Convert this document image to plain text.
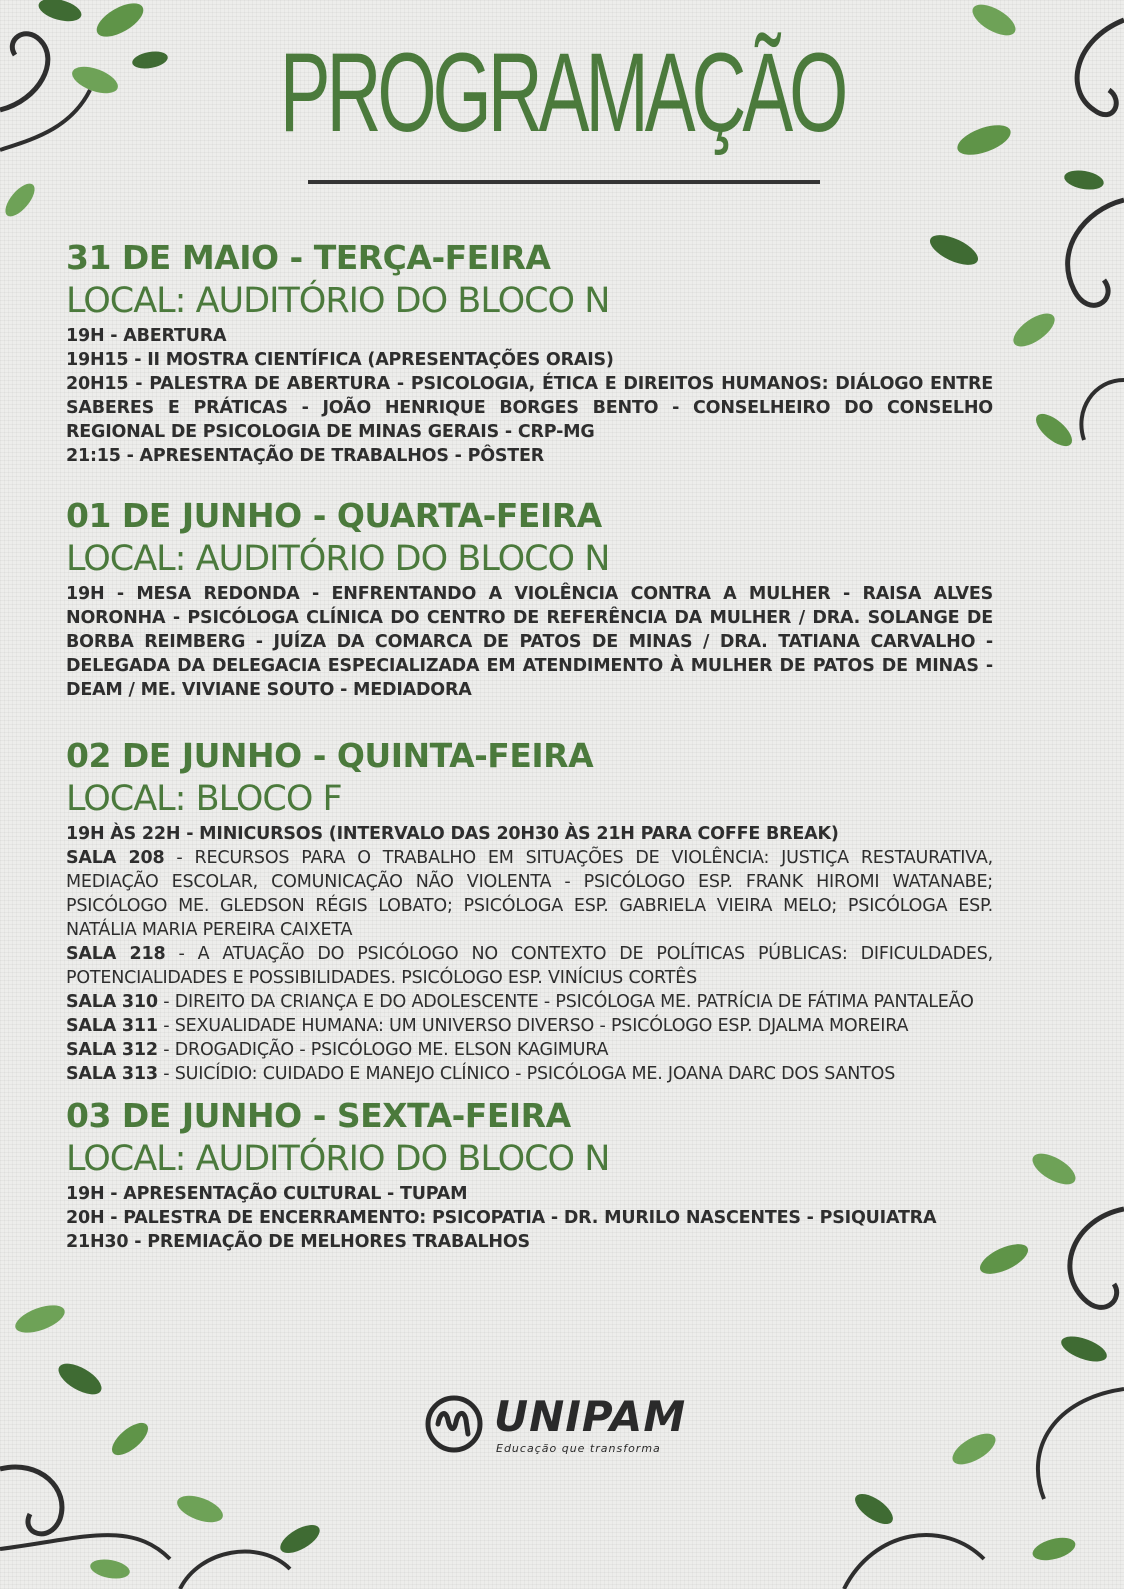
PROGRAMAÇÃO
31 DE MAIO - TERÇA-FEIRA
LOCAL: AUDITÓRIO DO BLOCO N
19H - ABERTURA
19H15 - II MOSTRA CIENTÍFICA (APRESENTAÇÕES ORAIS)
20H15 - PALESTRA DE ABERTURA - PSICOLOGIA, ÉTICA E DIREITOS HUMANOS: DIÁLOGO ENTRE SABERES E PRÁTICAS - JOÃO HENRIQUE BORGES BENTO - CONSELHEIRO DO CONSELHO REGIONAL DE PSICOLOGIA DE MINAS GERAIS - CRP-MG
21:15 - APRESENTAÇÃO DE TRABALHOS - PÔSTER
01 DE JUNHO - QUARTA-FEIRA
LOCAL: AUDITÓRIO DO BLOCO N
19H - MESA REDONDA - ENFRENTANDO A VIOLÊNCIA CONTRA A MULHER - RAISA ALVES NORONHA - PSICÓLOGA CLÍNICA DO CENTRO DE REFERÊNCIA DA MULHER / DRA. SOLANGE DE BORBA REIMBERG - JUÍZA DA COMARCA DE PATOS DE MINAS / DRA. TATIANA CARVALHO - DELEGADA DA DELEGACIA ESPECIALIZADA EM ATENDIMENTO À MULHER DE PATOS DE MINAS - DEAM / ME. VIVIANE SOUTO - MEDIADORA
02 DE JUNHO - QUINTA-FEIRA
LOCAL: BLOCO F
19H ÀS 22H - MINICURSOS (INTERVALO DAS 20H30 ÀS 21H PARA COFFE BREAK)
SALA 208 - RECURSOS PARA O TRABALHO EM SITUAÇÕES DE VIOLÊNCIA: JUSTIÇA RESTAURATIVA, MEDIAÇÃO ESCOLAR, COMUNICAÇÃO NÃO VIOLENTA - PSICÓLOGO ESP. FRANK HIROMI WATANABE; PSICÓLOGO ME. GLEDSON RÉGIS LOBATO; PSICÓLOGA ESP. GABRIELA VIEIRA MELO; PSICÓLOGA ESP. NATÁLIA MARIA PEREIRA CAIXETA
SALA 218 - A ATUAÇÃO DO PSICÓLOGO NO CONTEXTO DE POLÍTICAS PÚBLICAS: DIFICULDADES, POTENCIALIDADES E POSSIBILIDADES. PSICÓLOGO ESP. VINÍCIUS CORTÊS
SALA 310 - DIREITO DA CRIANÇA E DO ADOLESCENTE - PSICÓLOGA ME. PATRÍCIA DE FÁTIMA PANTALEÃO
SALA 311 - SEXUALIDADE HUMANA: UM UNIVERSO DIVERSO - PSICÓLOGO ESP. DJALMA MOREIRA
SALA 312 - DROGADIÇÃO - PSICÓLOGO ME. ELSON KAGIMURA
SALA 313 - SUICÍDIO: CUIDADO E MANEJO CLÍNICO - PSICÓLOGA ME. JOANA DARC DOS SANTOS
03 DE JUNHO - SEXTA-FEIRA
LOCAL: AUDITÓRIO DO BLOCO N
19H - APRESENTAÇÃO CULTURAL - TUPAM
20H - PALESTRA DE ENCERRAMENTO: PSICOPATIA - DR. MURILO NASCENTES - PSIQUIATRA
21H30 - PREMIAÇÃO DE MELHORES TRABALHOS
UNIPAM
Educação que transforma
